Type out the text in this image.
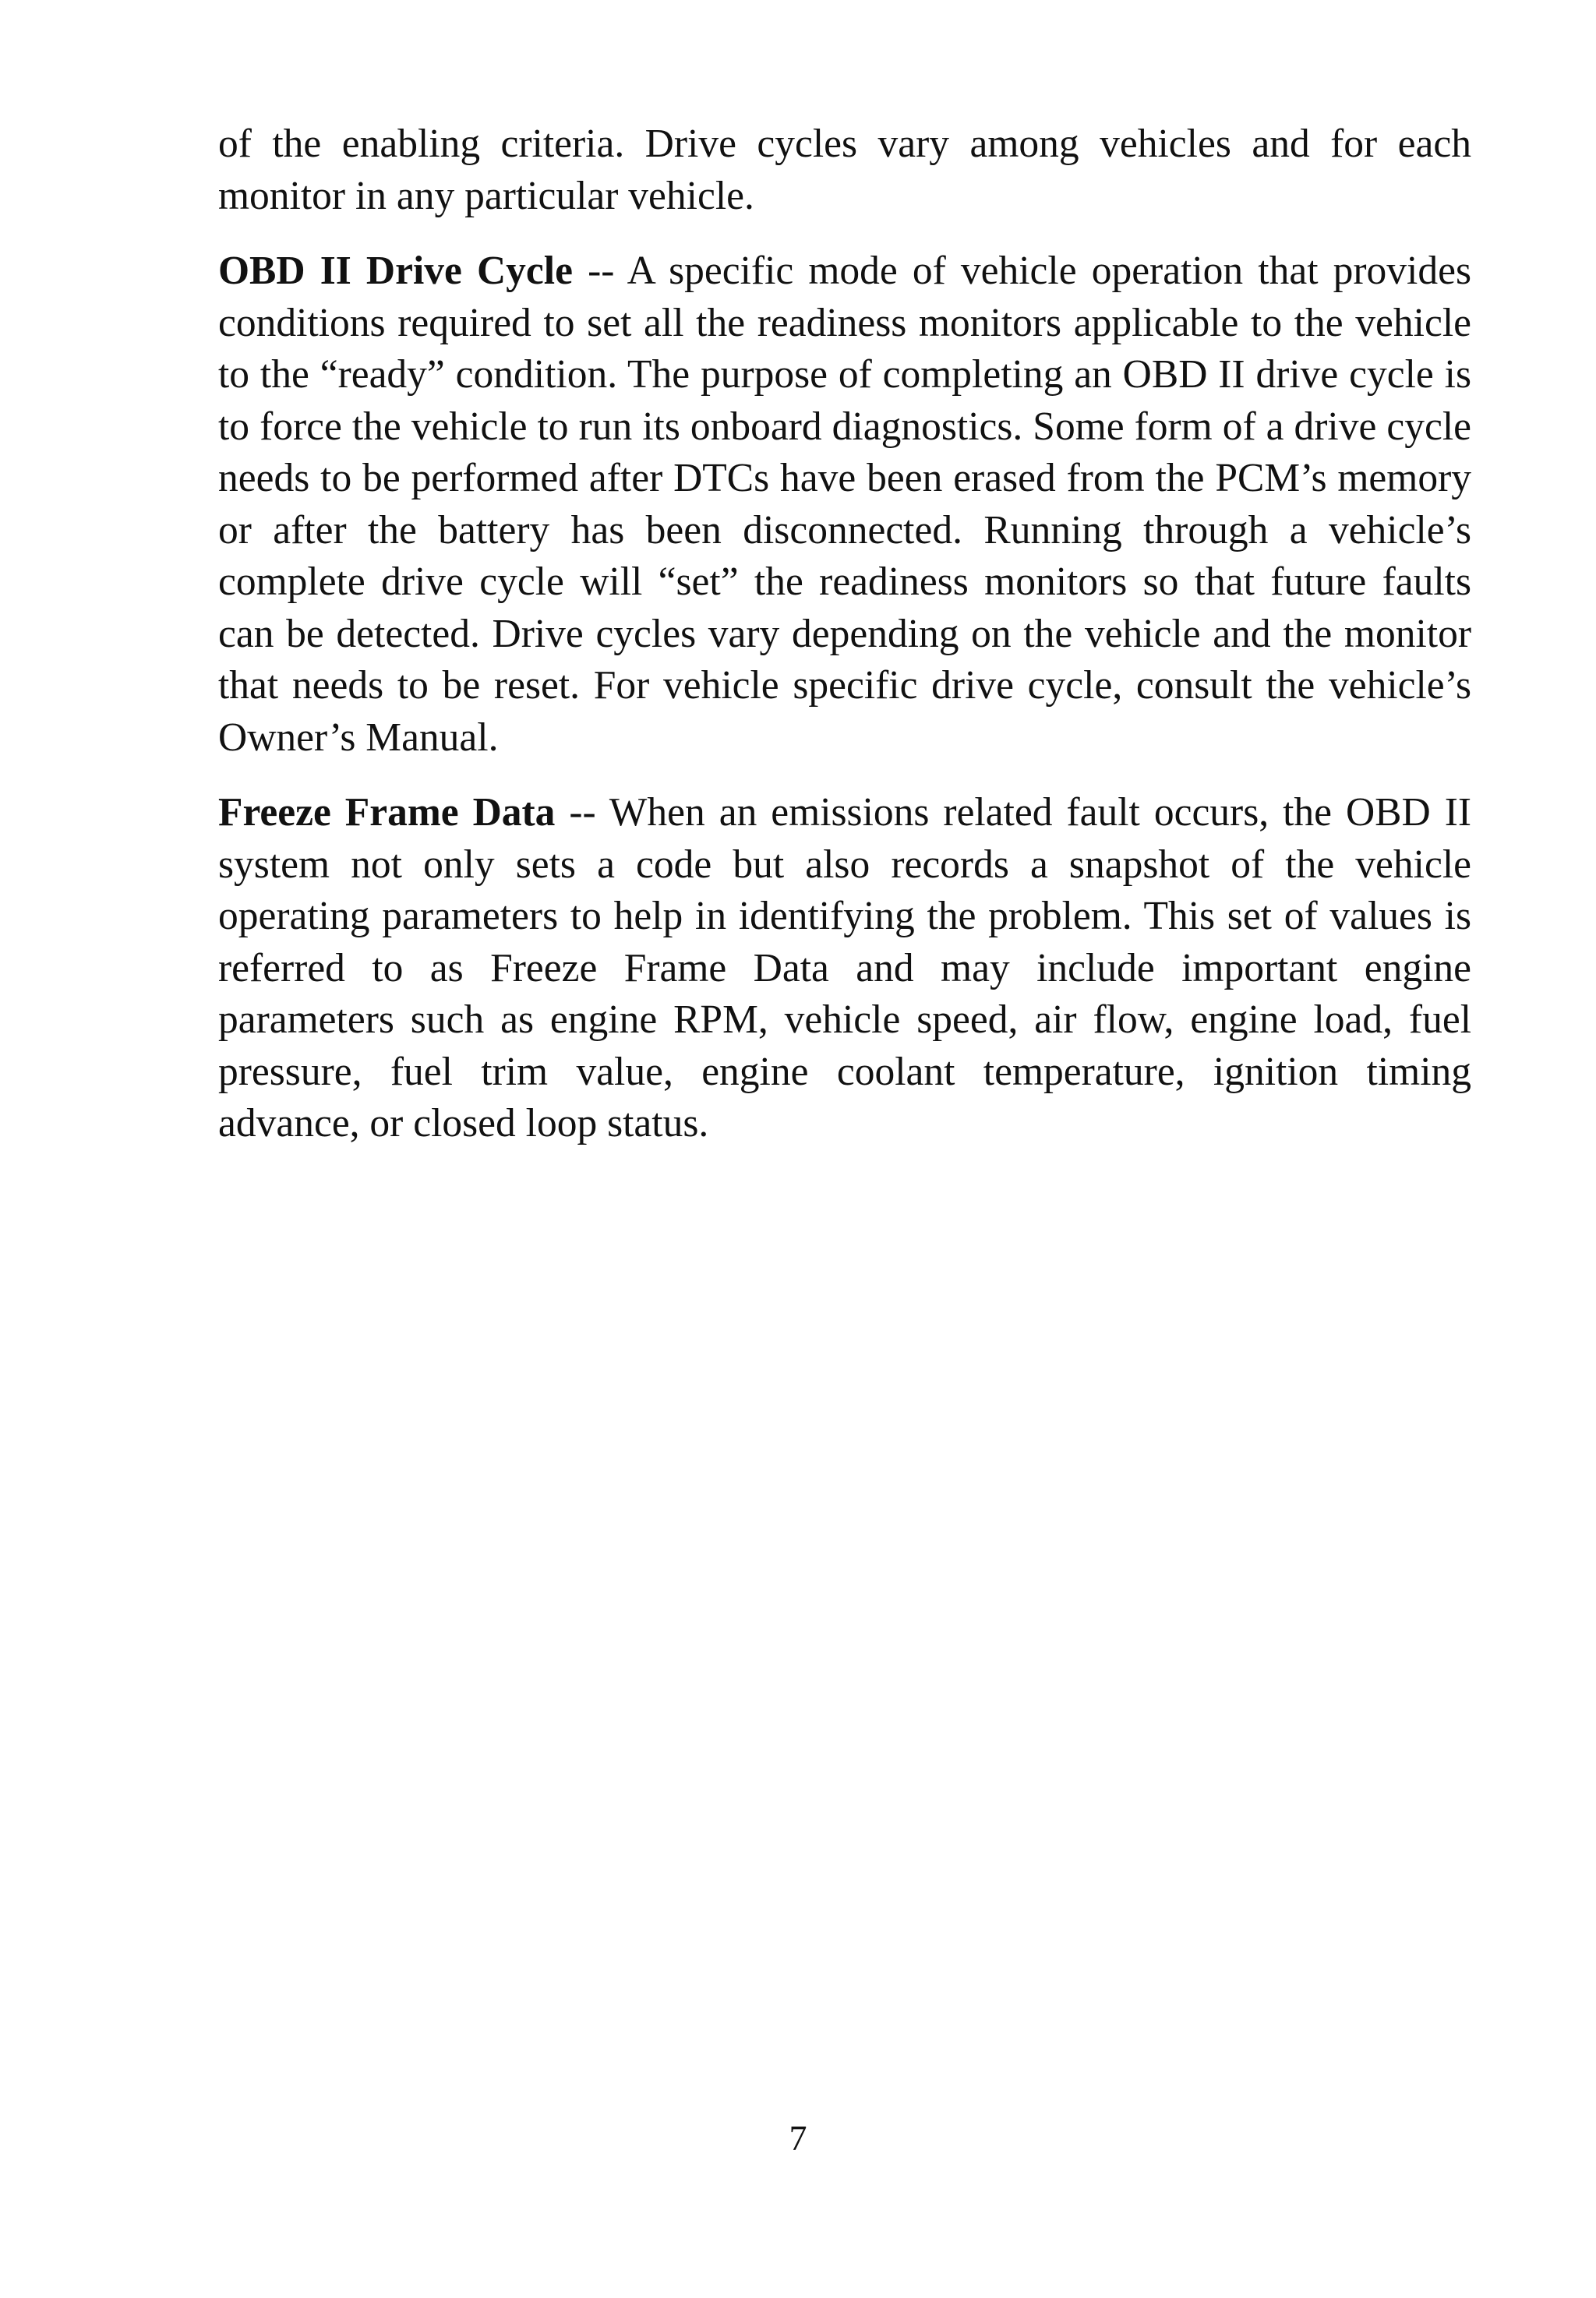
of the enabling criteria. Drive cycles vary among vehicles and for each monitor in any particular vehicle.

OBD II Drive Cycle -- A specific mode of vehicle operation that provides conditions required to set all the readiness monitors applicable to the vehicle to the “ready” condition. The purpose of completing an OBD II drive cycle is to force the vehicle to run its onboard diagnostics. Some form of a drive cycle needs to be performed after DTCs have been erased from the PCM’s memory or after the battery has been disconnected. Running through a vehicle’s complete drive cycle will “set” the readiness monitors so that future faults can be detected. Drive cycles vary depending on the vehicle and the monitor that needs to be reset. For vehicle specific drive cycle, consult the vehicle’s Owner’s Manual.

Freeze Frame Data -- When an emissions related fault occurs, the OBD II system not only sets a code but also records a snapshot of the vehicle operating parameters to help in identifying the problem. This set of values is referred to as Freeze Frame Data and may include important engine parameters such as engine RPM, vehicle speed, air flow, engine load, fuel pressure, fuel trim value, engine coolant temperature, ignition timing advance, or closed loop status.

7
